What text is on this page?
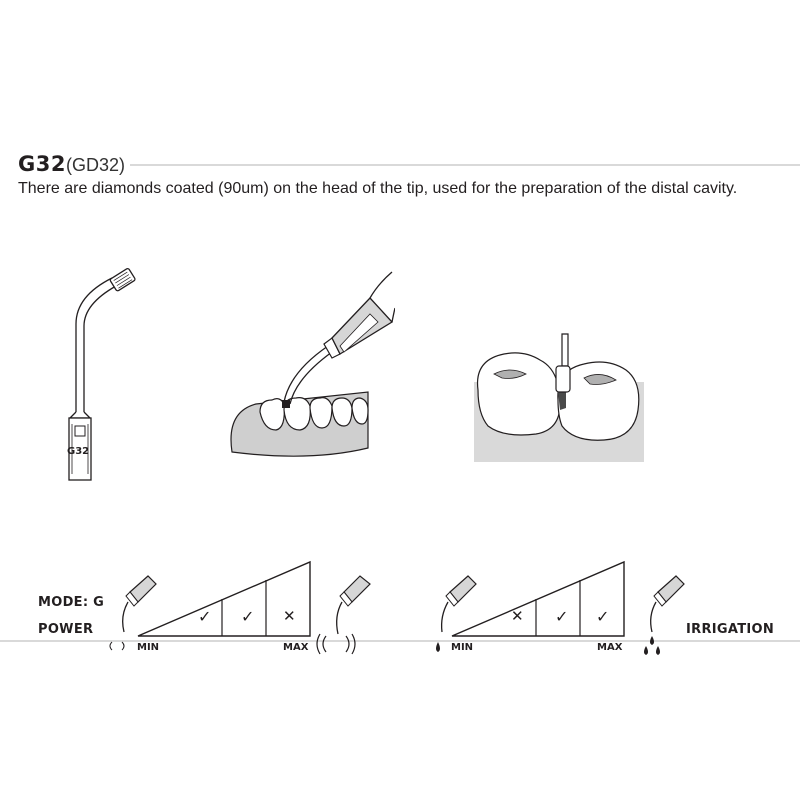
G32(GD32)
There are diamonds coated (90um) on the head of the tip, used for the preparation of the distal cavity.
G32
MODE: G
POWER	IRRIGATION
✓ ✓ ✕
MIN	MAX
✕ ✓ ✓
MIN	MAX
